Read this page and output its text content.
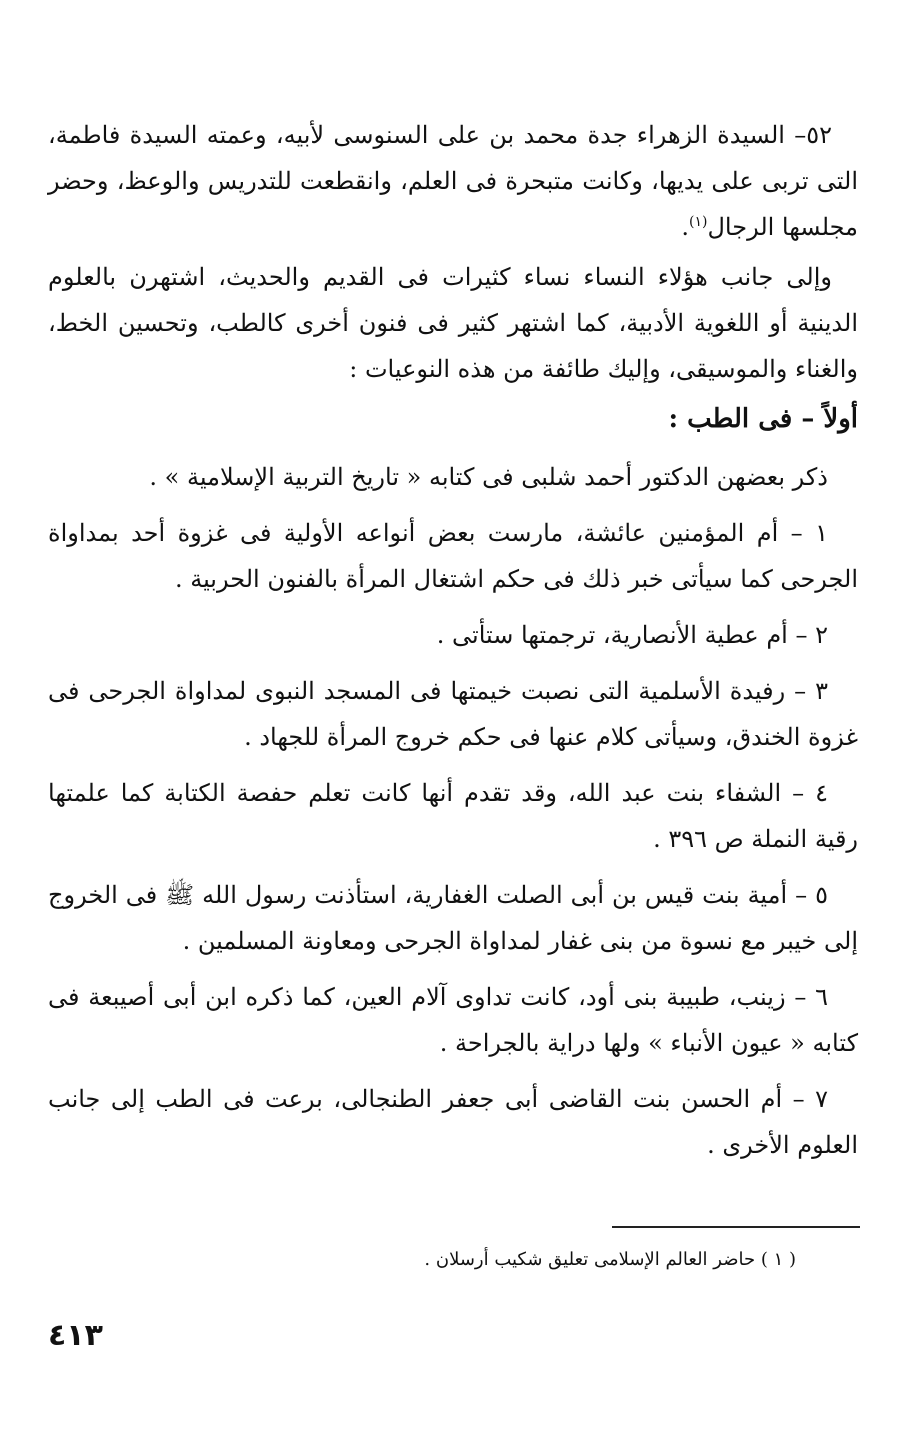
٥٢– السيدة الزهراء جدة محمد بن على السنوسى لأبيه، وعمته السيدة فاطمة، التى تربى على يديها، وكانت متبحرة فى العلم، وانقطعت للتدريس والوعظ، وحضر مجلسها الرجال$^{(١)}$.

وإلى جانب هؤلاء النساء نساء كثيرات فى القديم والحديث، اشتهرن بالعلوم الدينية أو اللغوية الأدبية، كما اشتهر كثير فى فنون أخرى كالطب، وتحسين الخط، والغناء والموسيقى، وإليك طائفة من هذه النوعيات :

أولاً – فى الطب :

ذكر بعضهن الدكتور أحمد شلبى فى كتابه « تاريخ التربية الإسلامية » .

١ – أم المؤمنين عائشة، مارست بعض أنواعه الأولية فى غزوة أحد بمداواة الجرحى كما سيأتى خبر ذلك فى حكم اشتغال المرأة بالفنون الحربية .

٢ – أم عطية الأنصارية، ترجمتها ستأتى .

٣ – رفيدة الأسلمية التى نصبت خيمتها فى المسجد النبوى لمداواة الجرحى فى غزوة الخندق، وسيأتى كلام عنها فى حكم خروج المرأة للجهاد .

٤ – الشفاء بنت عبد الله، وقد تقدم أنها كانت تعلم حفصة الكتابة كما علمتها رقية النملة ص ٣٩٦ .

٥ – أمية بنت قيس بن أبى الصلت الغفارية، استأذنت رسول الله ﷺ فى الخروج إلى خيبر مع نسوة من بنى غفار لمداواة الجرحى ومعاونة المسلمين .

٦ – زينب، طبيبة بنى أود، كانت تداوى آلام العين، كما ذكره ابن أبى أصيبعة فى كتابه « عيون الأنباء » ولها دراية بالجراحة .

٧ – أم الحسن بنت القاضى أبى جعفر الطنجالى، برعت فى الطب إلى جانب العلوم الأخرى .

( ١ ) حاضر العالم الإسلامى تعليق شكيب أرسلان .
٤١٣
